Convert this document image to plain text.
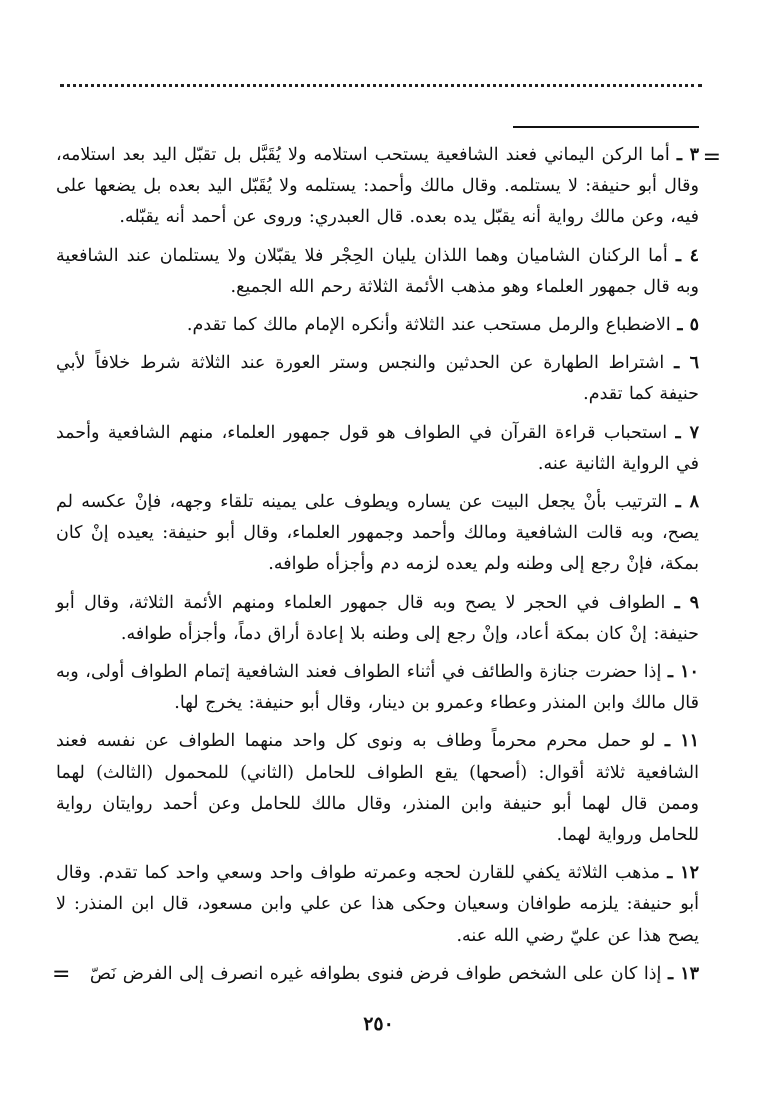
=

٣ ـ أما الركن اليماني فعند الشافعية يستحب استلامه ولا يُقَبَّل بل تقبّل اليد بعد استلامه، وقال أبو حنيفة: لا يستلمه. وقال مالك وأحمد: يستلمه ولا يُقَبّل اليد بعده بل يضعها على فيه، وعن مالك رواية أنه يقبّل يده بعده. قال العبدري: وروى عن أحمد أنه يقبّله.

٤ ـ أما الركنان الشاميان وهما اللذان يليان الحِجْر فلا يقبّلان ولا يستلمان عند الشافعية وبه قال جمهور العلماء وهو مذهب الأئمة الثلاثة رحم الله الجميع.

٥ ـ الاضطباع والرمل مستحب عند الثلاثة وأنكره الإمام مالك كما تقدم.

٦ ـ اشتراط الطهارة عن الحدثين والنجس وستر العورة عند الثلاثة شرط خلافاً لأبي حنيفة كما تقدم.

٧ ـ استحباب قراءة القرآن في الطواف هو قول جمهور العلماء، منهم الشافعية وأحمد في الرواية الثانية عنه.

٨ ـ الترتيب بأنْ يجعل البيت عن يساره ويطوف على يمينه تلقاء وجهه، فإنْ عكسه لم يصح، وبه قالت الشافعية ومالك وأحمد وجمهور العلماء، وقال أبو حنيفة: يعيده إنْ كان بمكة، فإنْ رجع إلى وطنه ولم يعده لزمه دم وأجزأه طوافه.

٩ ـ الطواف في الحجر لا يصح وبه قال جمهور العلماء ومنهم الأئمة الثلاثة، وقال أبو حنيفة: إنْ كان بمكة أعاد، وإنْ رجع إلى وطنه بلا إعادة أراق دماً، وأجزأه طوافه.

١٠ ـ إذا حضرت جنازة والطائف في أثناء الطواف فعند الشافعية إتمام الطواف أولى، وبه قال مالك وابن المنذر وعطاء وعمرو بن دينار، وقال أبو حنيفة: يخرج لها.

١١ ـ لو حمل محرم محرماً وطاف به ونوى كل واحد منهما الطواف عن نفسه فعند الشافعية ثلاثة أقوال: (أصحها) يقع الطواف للحامل (الثاني) للمحمول (الثالث) لهما وممن قال لهما أبو حنيفة وابن المنذر، وقال مالك للحامل وعن أحمد روايتان رواية للحامل ورواية لهما.

١٢ ـ مذهب الثلاثة يكفي للقارن لحجه وعمرته طواف واحد وسعي واحد كما تقدم. وقال أبو حنيفة: يلزمه طوافان وسعيان وحكى هذا عن علي وابن مسعود، قال ابن المنذر: لا يصح هذا عن عليّ رضي الله عنه.

١٣ ـ إذا كان على الشخص طواف فرض فنوى بطوافه غيره انصرف إلى الفرض نَصّ

=
٢٥٠
